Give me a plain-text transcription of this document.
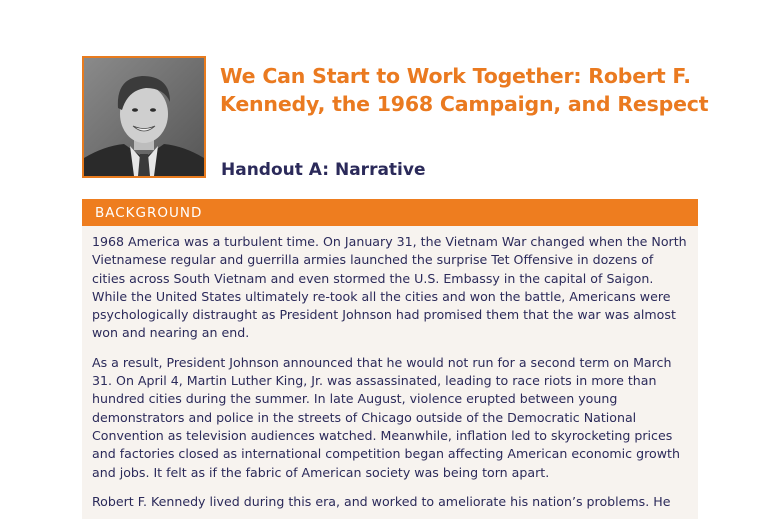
We Can Start to Work Together: Robert F. Kennedy, the 1968 Campaign, and Respect
Handout A: Narrative
BACKGROUND

1968 America was a turbulent time. On January 31, the Vietnam War changed when the North Vietnamese regular and guerrilla armies launched the surprise Tet Offensive in dozens of cities across South Vietnam and even stormed the U.S. Embassy in the capital of Saigon. While the United States ultimately re-took all the cities and won the battle, Americans were psychologically distraught as President Johnson had promised them that the war was almost won and nearing an end.

As a result, President Johnson announced that he would not run for a second term on March 31. On April 4, Martin Luther King, Jr. was assassinated, leading to race riots in more than hundred cities during the summer. In late August, violence erupted between young demonstrators and police in the streets of Chicago outside of the Democratic National Convention as television audiences watched. Meanwhile, inflation led to skyrocketing prices and factories closed as international competition began affecting American economic growth and jobs. It felt as if the fabric of American society was being torn apart.

Robert F. Kennedy lived during this era, and worked to ameliorate his nation’s problems. He
